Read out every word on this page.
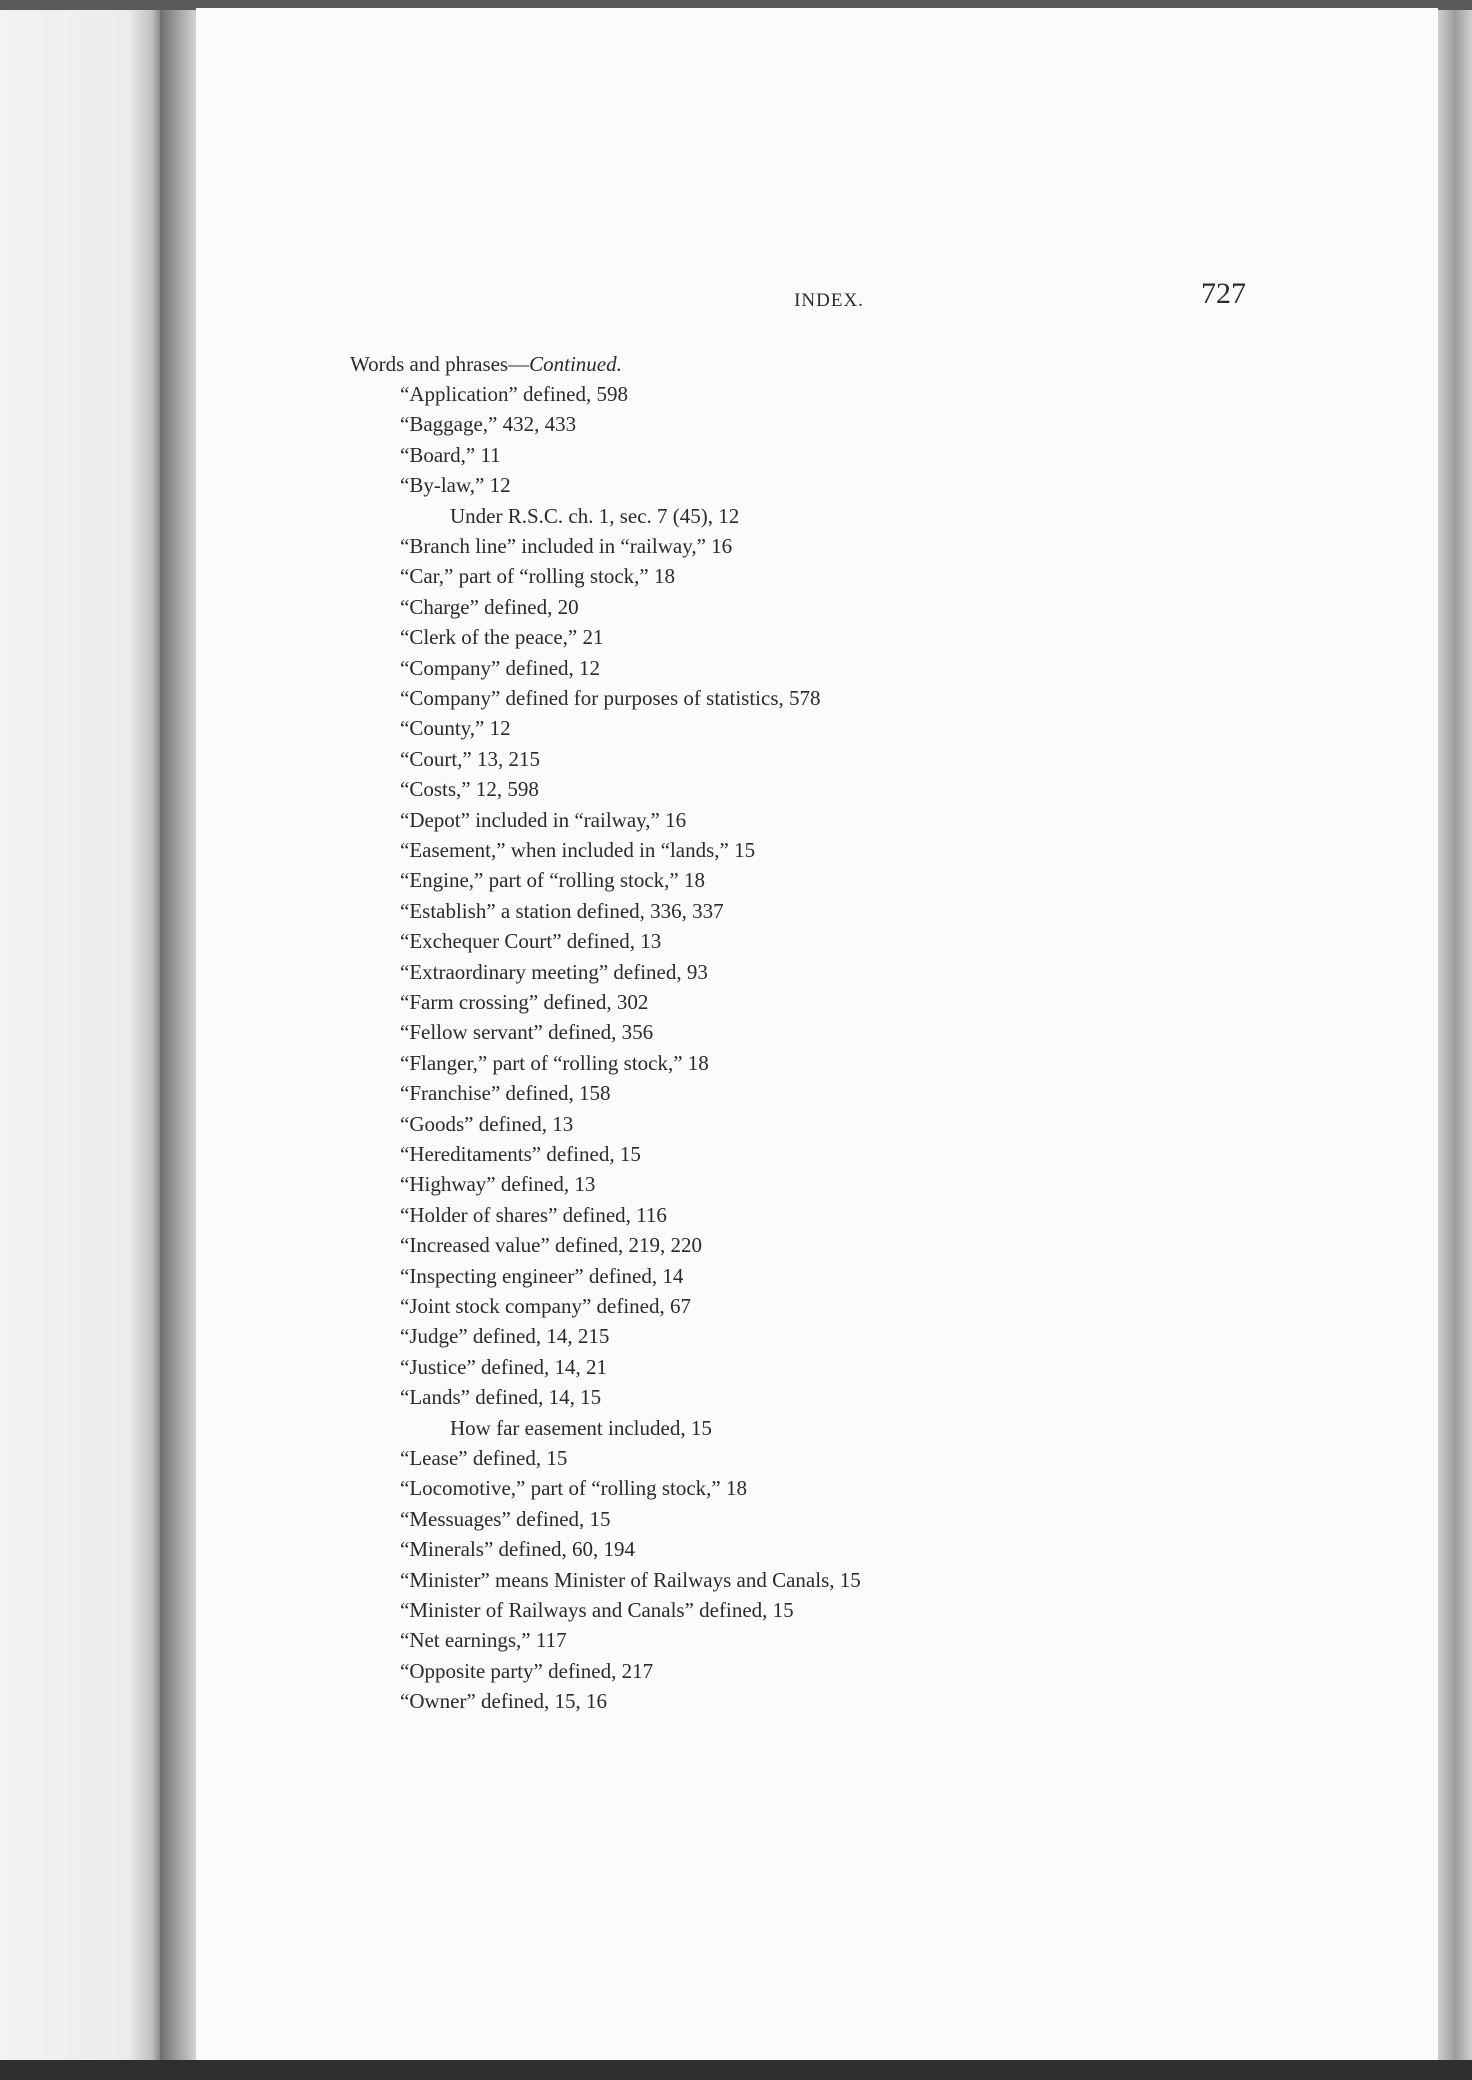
INDEX.	727
Words and phrases—Continued.
“Application” defined, 598
“Baggage,” 432, 433
“Board,” 11
“By-law,” 12
Under R.S.C. ch. 1, sec. 7 (45), 12
“Branch line” included in “railway,” 16
“Car,” part of “rolling stock,” 18
“Charge” defined, 20
“Clerk of the peace,” 21
“Company” defined, 12
“Company” defined for purposes of statistics, 578
“County,” 12
“Court,” 13, 215
“Costs,” 12, 598
“Depot” included in “railway,” 16
“Easement,” when included in “lands,” 15
“Engine,” part of “rolling stock,” 18
“Establish” a station defined, 336, 337
“Exchequer Court” defined, 13
“Extraordinary meeting” defined, 93
“Farm crossing” defined, 302
“Fellow servant” defined, 356
“Flanger,” part of “rolling stock,” 18
“Franchise” defined, 158
“Goods” defined, 13
“Hereditaments” defined, 15
“Highway” defined, 13
“Holder of shares” defined, 116
“Increased value” defined, 219, 220
“Inspecting engineer” defined, 14
“Joint stock company” defined, 67
“Judge” defined, 14, 215
“Justice” defined, 14, 21
“Lands” defined, 14, 15
How far easement included, 15
“Lease” defined, 15
“Locomotive,” part of “rolling stock,” 18
“Messuages” defined, 15
“Minerals” defined, 60, 194
“Minister” means Minister of Railways and Canals, 15
“Minister of Railways and Canals” defined, 15
“Net earnings,” 117
“Opposite party” defined, 217
“Owner” defined, 15, 16
